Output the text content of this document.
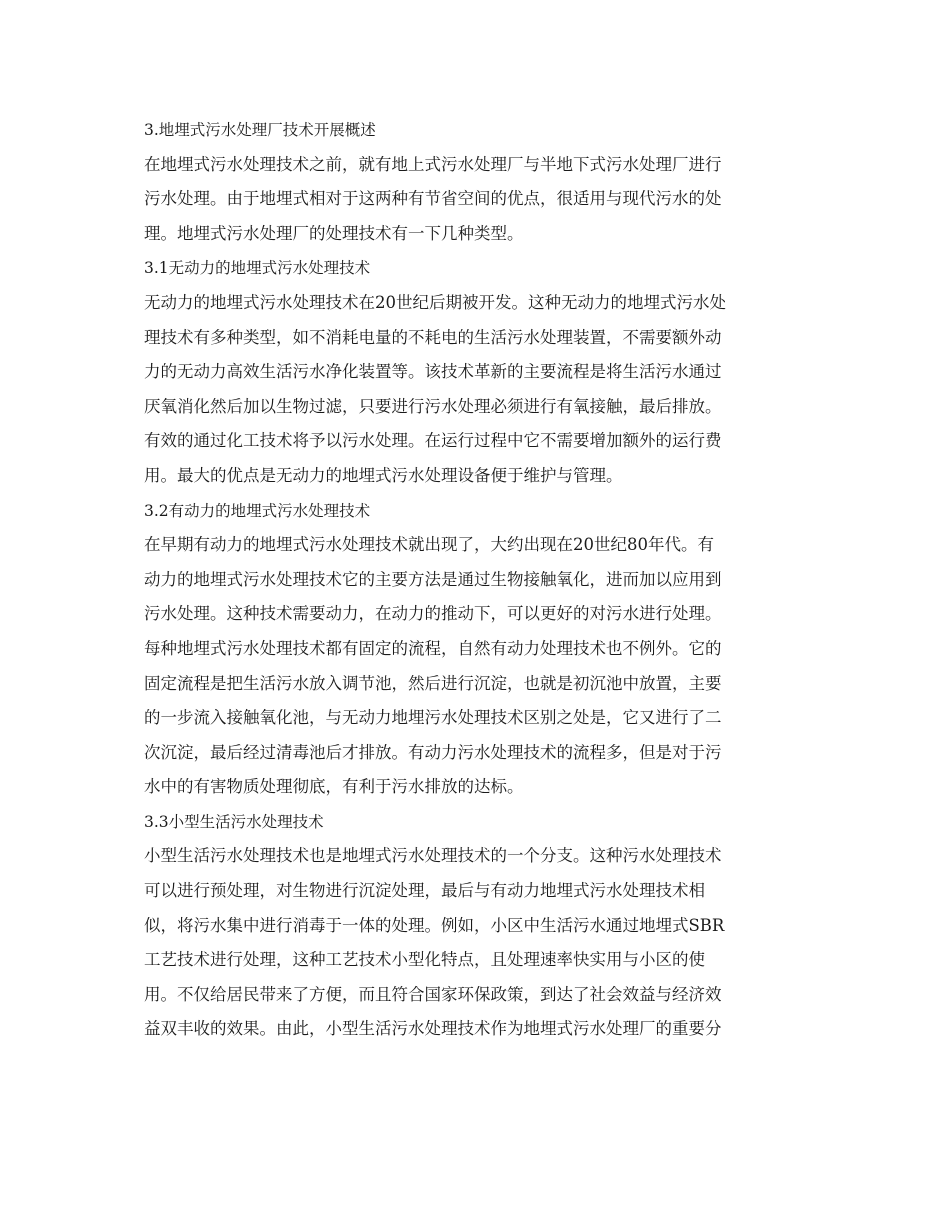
3.地埋式污水处理厂技术开展概述
在地埋式污水处理技术之前，就有地上式污水处理厂与半地下式污水处理厂进行
污水处理。由于地埋式相对于这两种有节省空间的优点，很适用与现代污水的处
理。地埋式污水处理厂的处理技术有一下几种类型。
3.1无动力的地埋式污水处理技术
无动力的地埋式污水处理技术在20世纪后期被开发。这种无动力的地埋式污水处
理技术有多种类型，如不消耗电量的不耗电的生活污水处理装置，不需要额外动
力的无动力高效生活污水净化装置等。该技术革新的主要流程是将生活污水通过
厌氧消化然后加以生物过滤，只要进行污水处理必须进行有氧接触，最后排放。
有效的通过化工技术将予以污水处理。在运行过程中它不需要增加额外的运行费
用。最大的优点是无动力的地埋式污水处理设备便于维护与管理。
3.2有动力的地埋式污水处理技术
在早期有动力的地埋式污水处理技术就出现了，大约出现在20世纪80年代。有
动力的地埋式污水处理技术它的主要方法是通过生物接触氧化，进而加以应用到
污水处理。这种技术需要动力，在动力的推动下，可以更好的对污水进行处理。
每种地埋式污水处理技术都有固定的流程，自然有动力处理技术也不例外。它的
固定流程是把生活污水放入调节池，然后进行沉淀，也就是初沉池中放置，主要
的一步流入接触氧化池，与无动力地埋污水处理技术区别之处是，它又进行了二
次沉淀，最后经过清毒池后才排放。有动力污水处理技术的流程多，但是对于污
水中的有害物质处理彻底，有利于污水排放的达标。
3.3小型生活污水处理技术
小型生活污水处理技术也是地埋式污水处理技术的一个分支。这种污水处理技术
可以进行预处理，对生物进行沉淀处理，最后与有动力地埋式污水处理技术相
似，将污水集中进行消毒于一体的处理。例如，小区中生活污水通过地埋式SBR
工艺技术进行处理，这种工艺技术小型化特点，且处理速率快实用与小区的使
用。不仅给居民带来了方便，而且符合国家环保政策，到达了社会效益与经济效
益双丰收的效果。由此，小型生活污水处理技术作为地埋式污水处理厂的重要分
